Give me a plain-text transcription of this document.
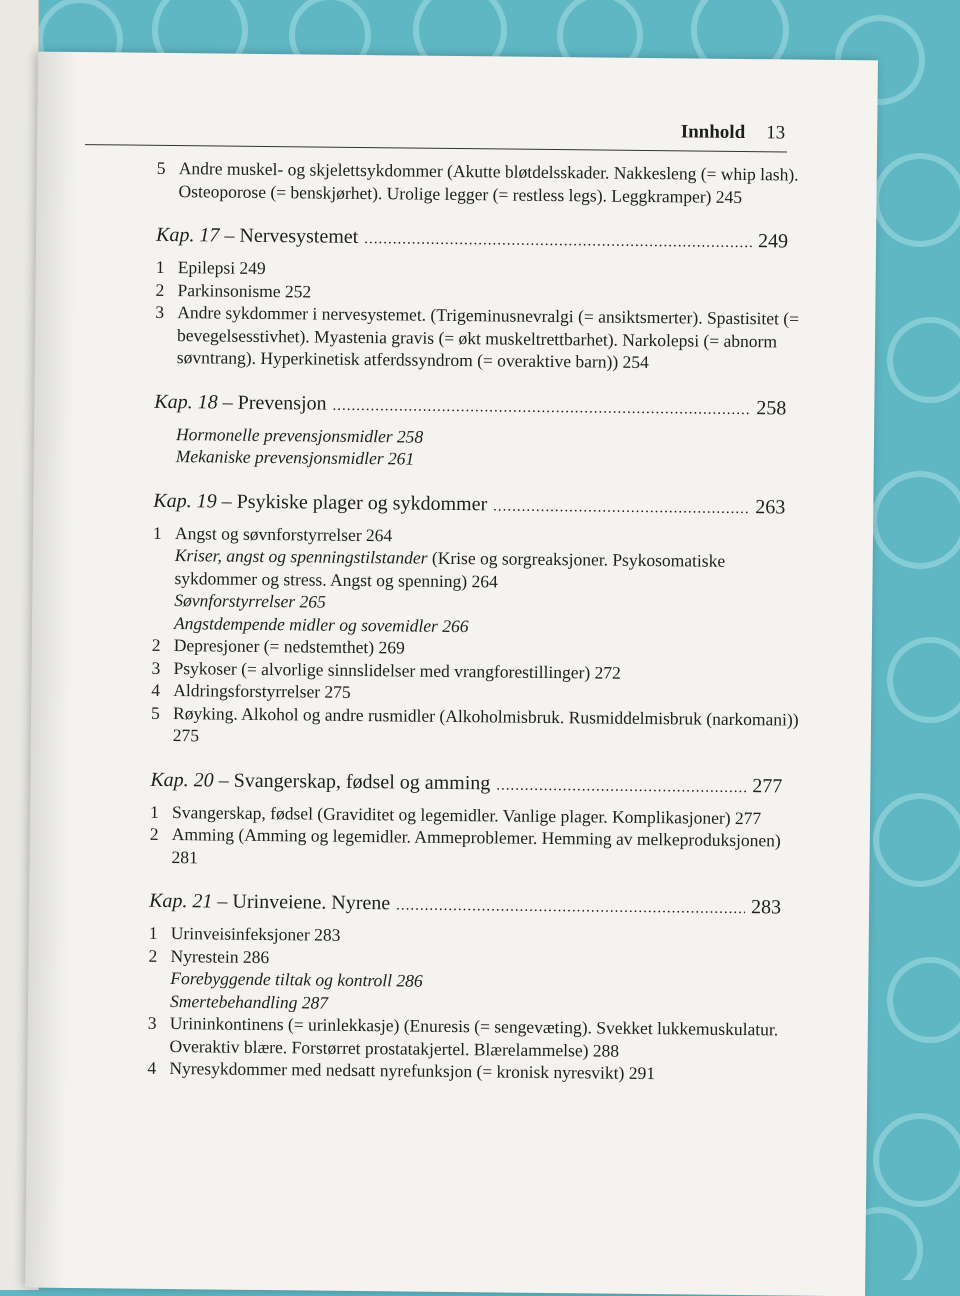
Innhold 13
5 Andre muskel- og skjelettsykdommer (Akutte bløtdelsskader. Nakkesleng (= whip lash). Osteoporose (= benskjørhet). Urolige legger (= restless legs). Leggkramper) 245
Kap. 17 – Nervesystemet .....	249
1 Epilepsi 249
2 Parkinsonisme 252
3 Andre sykdommer i nervesystemet. (Trigeminusnevralgi (= ansiktsmerter). Spastisitet (= bevegelsesstivhet). Myastenia gravis (= økt muskeltrettbarhet). Narkolepsi (= abnorm søvntrang). Hyperkinetisk atferdssyndrom (= overaktive barn)) 254
Kap. 18 – Prevensjon .....	258
Hormonelle prevensjonsmidler 258
Mekaniske prevensjonsmidler 261
Kap. 19 – Psykiske plager og sykdommer .....	263
1 Angst og søvnforstyrrelser 264
Kriser, angst og spenningstilstander (Krise og sorgreaksjoner. Psykosomatiske sykdommer og stress. Angst og spenning) 264
Søvnforstyrrelser 265
Angstdempende midler og sovemidler 266
2 Depresjoner (= nedstemthet) 269
3 Psykoser (= alvorlige sinnslidelser med vrangforestillinger) 272
4 Aldringsforstyrrelser 275
5 Røyking. Alkohol og andre rusmidler (Alkoholmisbruk. Rusmiddelmisbruk (narkomani)) 275
Kap. 20 – Svangerskap, fødsel og amming .....	277
1 Svangerskap, fødsel (Graviditet og legemidler. Vanlige plager. Komplikasjoner) 277
2 Amming (Amming og legemidler. Ammeproblemer. Hemming av melkeproduksjonen) 281
Kap. 21 – Urinveiene. Nyrene .....	283
1 Urinveisinfeksjoner 283
2 Nyrestein 286
Forebyggende tiltak og kontroll 286
Smertebehandling 287
3 Urininkontinens (= urinlekkasje) (Enuresis (= sengevæting). Svekket lukkemuskulatur. Overaktiv blære. Forstørret prostatakjertel. Blærelammelse) 288
4 Nyresykdommer med nedsatt nyrefunksjon (= kronisk nyresvikt) 291
